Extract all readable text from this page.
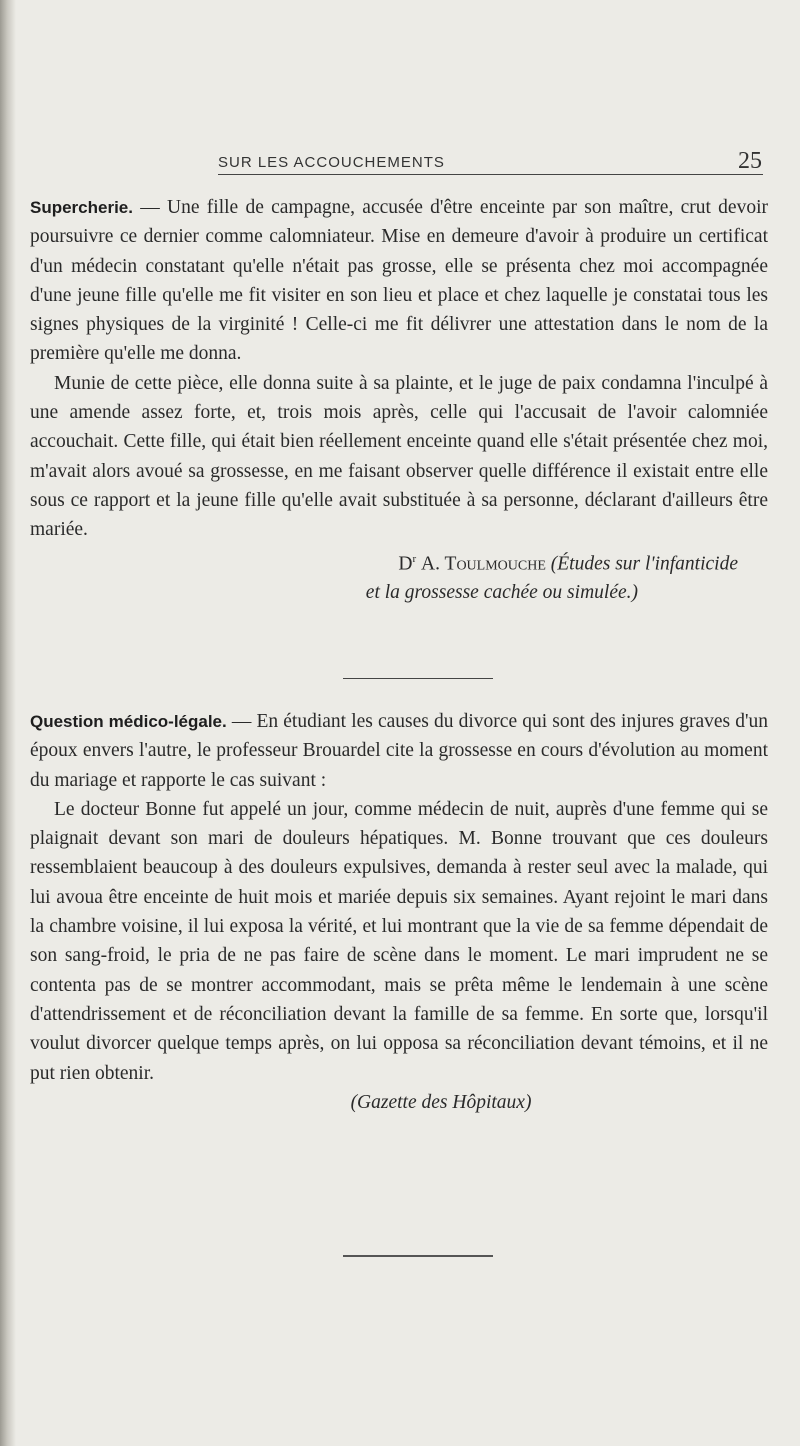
SUR LES ACCOUCHEMENTS	25

Supercherie. — Une fille de campagne, accusée d'être enceinte par son maître, crut devoir poursuivre ce dernier comme calomniateur. Mise en demeure d'avoir à produire un certificat d'un médecin constatant qu'elle n'était pas grosse, elle se présenta chez moi accompagnée d'une jeune fille qu'elle me fit visiter en son lieu et place et chez laquelle je constatai tous les signes physiques de la virginité ! Celle-ci me fit délivrer une attestation dans le nom de la première qu'elle me donna.

Munie de cette pièce, elle donna suite à sa plainte, et le juge de paix condamna l'inculpé à une amende assez forte, et, trois mois après, celle qui l'accusait de l'avoir calomniée accouchait. Cette fille, qui était bien réellement enceinte quand elle s'était présentée chez moi, m'avait alors avoué sa grossesse, en me faisant observer quelle différence il existait entre elle sous ce rapport et la jeune fille qu'elle avait substituée à sa personne, déclarant d'ailleurs être mariée.

$D^r$ A. Toulmouche (Études sur l'infanticide

et la grossesse cachée ou simulée.)

Question médico-légale. — En étudiant les causes du divorce qui sont des injures graves d'un époux envers l'autre, le professeur Brouardel cite la grossesse en cours d'évolution au moment du mariage et rapporte le cas suivant :

Le docteur Bonne fut appelé un jour, comme médecin de nuit, auprès d'une femme qui se plaignait devant son mari de douleurs hépatiques. M. Bonne trouvant que ces douleurs ressemblaient beaucoup à des douleurs expulsives, demanda à rester seul avec la malade, qui lui avoua être enceinte de huit mois et mariée depuis six semaines. Ayant rejoint le mari dans la chambre voisine, il lui exposa la vérité, et lui montrant que la vie de sa femme dépendait de son sang-froid, le pria de ne pas faire de scène dans le moment. Le mari imprudent ne se contenta pas de se montrer accommodant, mais se prêta même le lendemain à une scène d'attendrissement et de réconciliation devant la famille de sa femme. En sorte que, lorsqu'il voulut divorcer quelque temps après, on lui opposa sa réconciliation devant témoins, et il ne put rien obtenir.

(Gazette des Hôpitaux)
